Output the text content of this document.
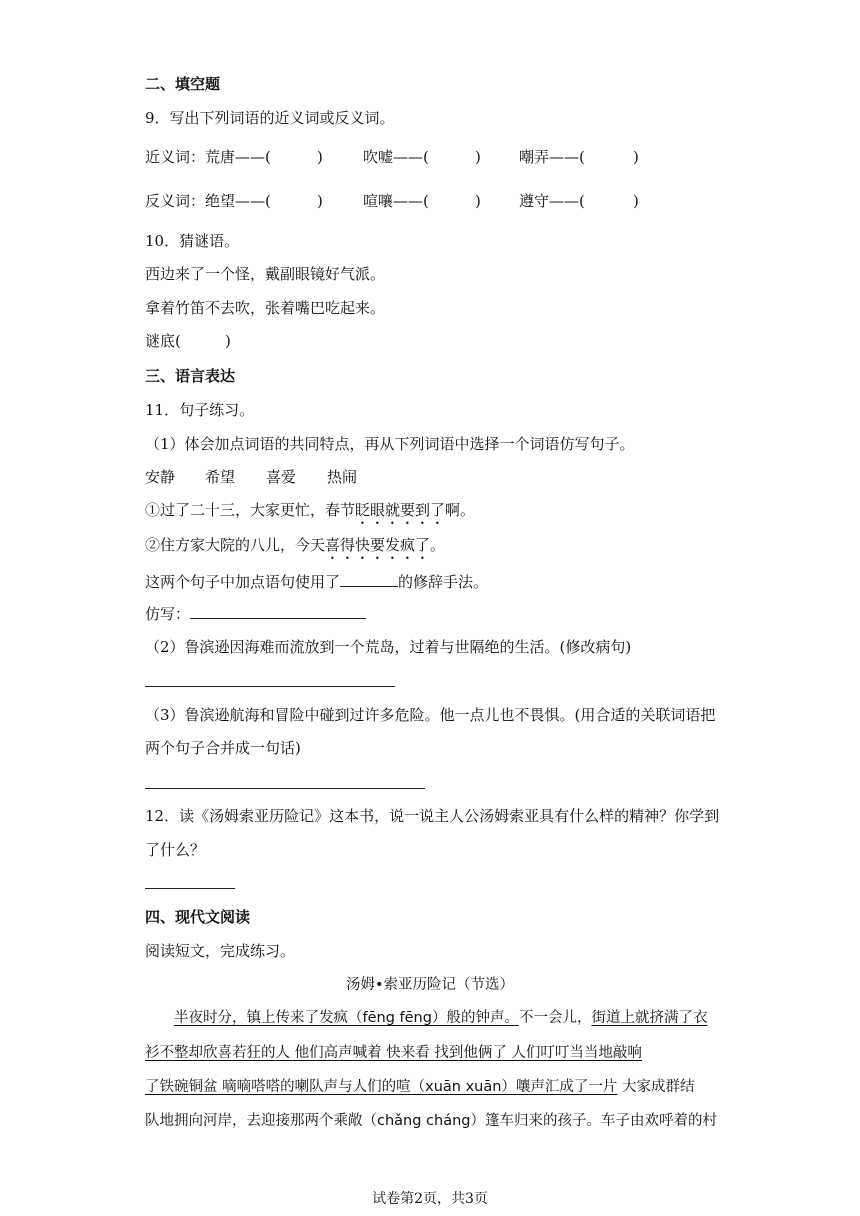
二、填空题
9．写出下列词语的近义词或反义词。
近义词：荒唐——(	)	吹嘘——(	)	嘲弄——(	)
反义词：绝望——(	)	喧嚷——(	)	遵守——(	)
10．猜谜语。
西边来了一个怪，戴副眼镜好气派。
拿着竹笛不去吹，张着嘴巴吃起来。
谜底(	)
三、语言表达
11．句子练习。
（1）体会加点词语的共同特点，再从下列词语中选择一个词语仿写句子。
安静 希望 喜爱 热闹
①过了二十三，大家更忙，春节眨眼就要到了啊。
②住方家大院的八儿，今天喜得快要发疯了。
这两个句子中加点语句使用了	的修辞手法。
仿写：
（2）鲁滨逊因海难而流放到一个荒岛，过着与世隔绝的生活。(修改病句)
（3）鲁滨逊航海和冒险中碰到过许多危险。他一点儿也不畏惧。(用合适的关联词语把
两个句子合并成一句话)
12．读《汤姆索亚历险记》这本书，说一说主人公汤姆索亚具有什么样的精神？你学到
了什么？
四、现代文阅读
阅读短文，完成练习。
汤姆•索亚历险记（节选）
半夜时分，镇上传来了发疯（fēng fēng）般的钟声。不一会儿，街道上就挤满了衣
衫不整却欣喜若狂的人 他们高声喊着 快来看 找到他俩了 人们叮叮当当地敲响
了铁碗铜盆 嘀嘀嗒嗒的喇队声与人们的喧（xuān xuān）嚷声汇成了一片 大家成群结
队地拥向河岸，去迎接那两个乘敞（chǎng cháng）篷车归来的孩子。车子由欢呼着的村
试卷第2页，共3页
